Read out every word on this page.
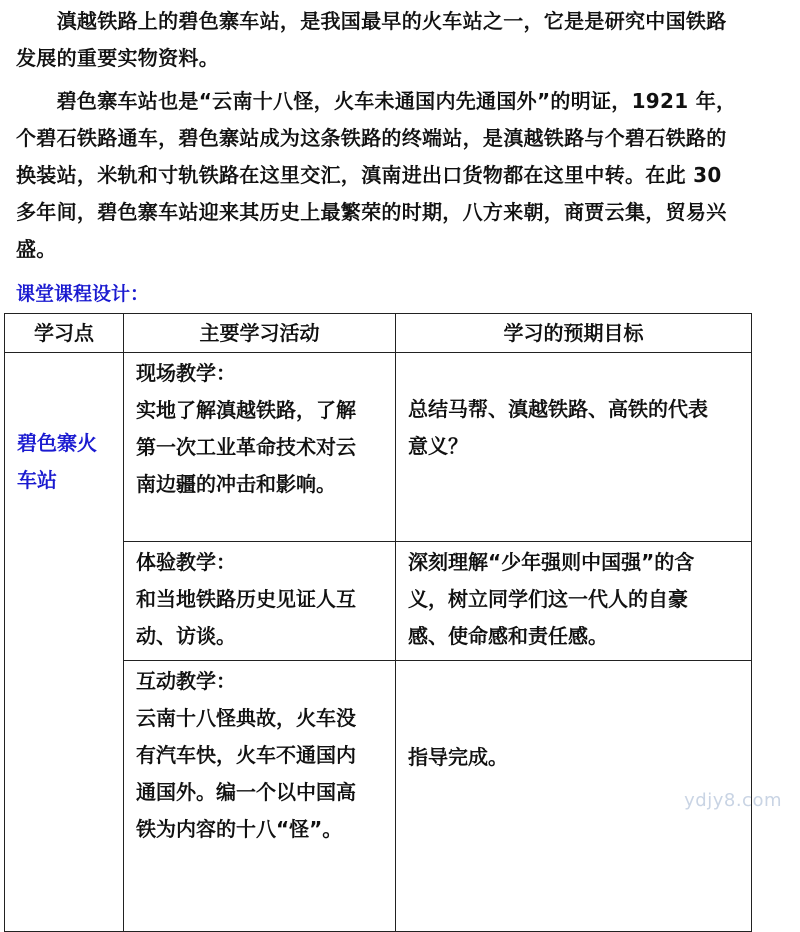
　　滇越铁路上的碧色寨车站，是我国最早的火车站之一，它是是研究中国铁路
发展的重要实物资料。

　　碧色寨车站也是“云南十八怪，火车未通国内先通国外”的明证，1921 年，
个碧石铁路通车，碧色寨站成为这条铁路的终端站，是滇越铁路与个碧石铁路的
换装站，米轨和寸轨铁路在这里交汇，滇南进出口货物都在这里中转。在此 30
多年间，碧色寨车站迎来其历史上最繁荣的时期，八方来朝，商贾云集，贸易兴
盛。

课堂课程设计：
学习点	主要学习活动	学习的预期目标

碧色寨火
车站	现场教学：
实地了解滇越铁路，了解
第一次工业革命技术对云
南边疆的冲击和影响。	总结马帮、滇越铁路、高铁的代表
意义？

	体验教学：
和当地铁路历史见证人互
动、访谈。	深刻理解“少年强则中国强”的含
义，树立同学们这一代人的自豪
感、使命感和责任感。

	互动教学：
云南十八怪典故，火车没
有汽车快，火车不通国内
通国外。编一个以中国高
铁为内容的十八“怪”。	指导完成。
ydjy8.com
